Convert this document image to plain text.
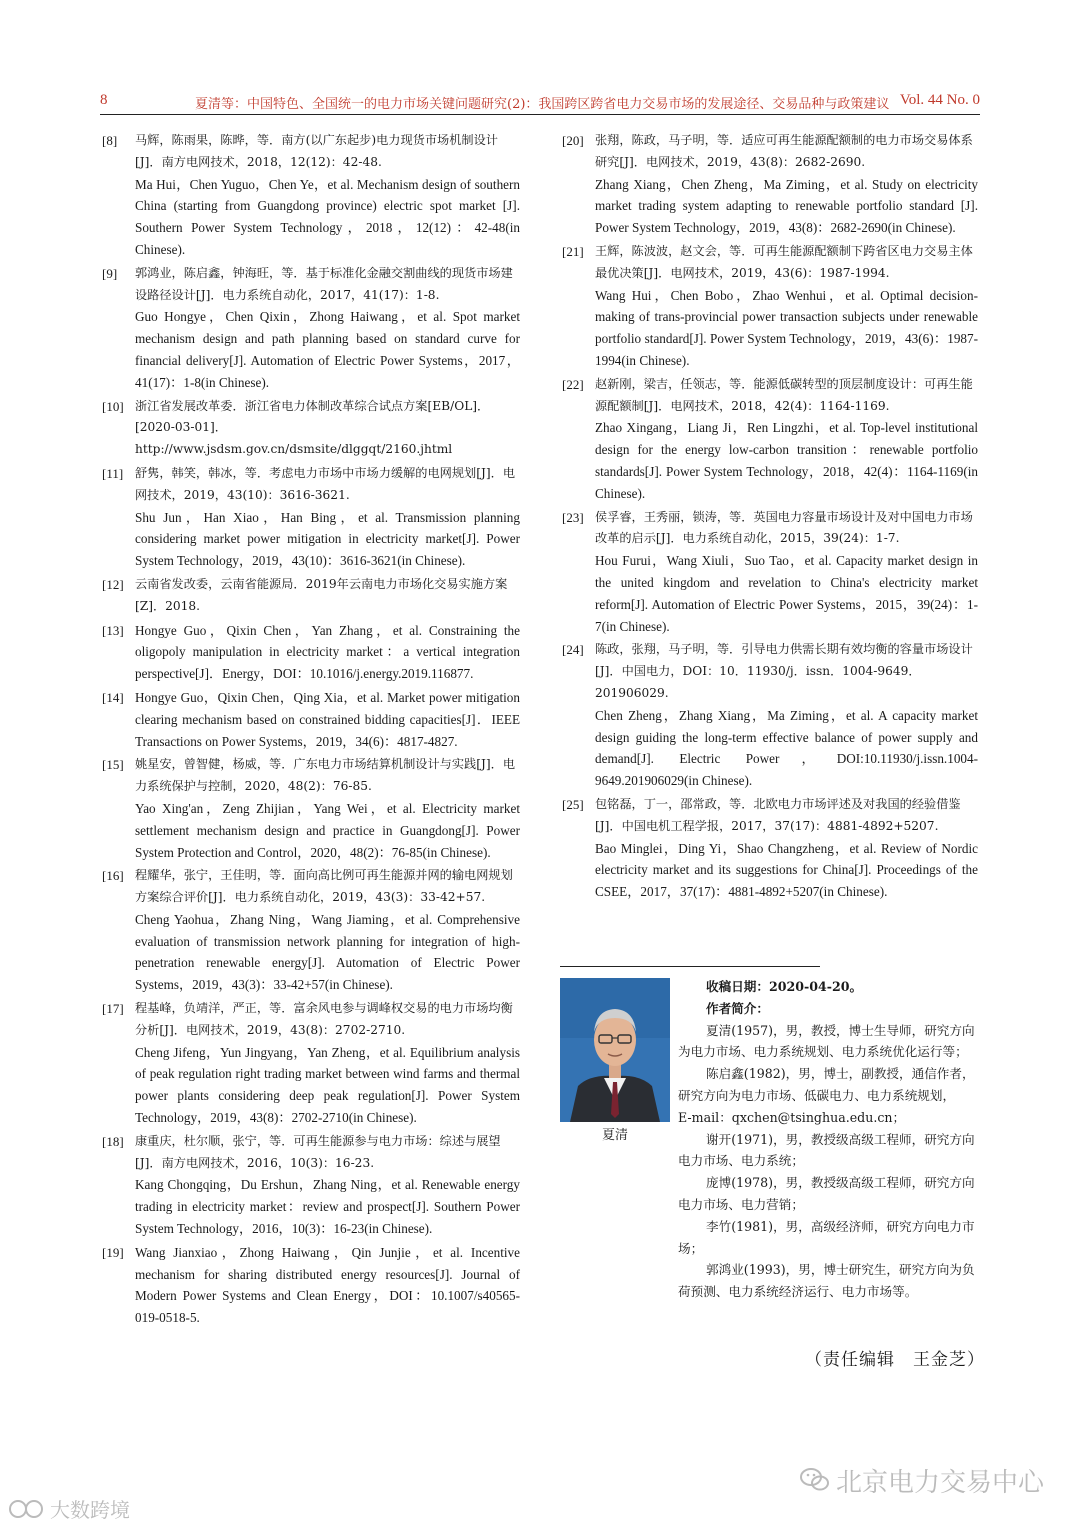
8	夏清等：中国特色、全国统一的电力市场关键问题研究(2)：我国跨区跨省电力交易市场的发展途径、交易品种与政策建议 Vol. 44 No. 0
[8] 马辉，陈雨果，陈晔，等．南方(以广东起步)电力现货市场机制设计[J]．南方电网技术，2018，12(12)：42-48.
Ma Hui，Chen Yuguo，Chen Ye，et al. Mechanism design of southern China (starting from Guangdong province) electric spot market [J]. Southern Power System Technology，2018，12(12)：42-48(in Chinese).
[9] 郭鸿业，陈启鑫，钟海旺，等．基于标准化金融交割曲线的现货市场建设路径设计[J]．电力系统自动化，2017，41(17)：1-8.
Guo Hongye，Chen Qixin，Zhong Haiwang，et al. Spot market mechanism design and path planning based on standard curve for financial delivery[J]. Automation of Electric Power Systems，2017，41(17)：1-8(in Chinese).
[10] 浙江省发展改革委．浙江省电力体制改革综合试点方案[EB/OL]．[2020-03-01]．http://www.jsdsm.gov.cn/dsmsite/dlggqt/2160.jhtml
[11] 舒隽，韩笑，韩冰，等．考虑电力市场中市场力缓解的电网规划[J]．电网技术，2019，43(10)：3616-3621.
Shu Jun，Han Xiao，Han Bing，et al. Transmission planning considering market power mitigation in electricity market[J]. Power System Technology，2019，43(10)：3616-3621(in Chinese).
[12] 云南省发改委，云南省能源局．2019年云南电力市场化交易实施方案[Z]．2018.
[13] Hongye Guo，Qixin Chen，Yan Zhang，et al. Constraining the oligopoly manipulation in electricity market：a vertical integration perspective[J]．Energy，DOI：10.1016/j.energy.2019.116877.
[14] Hongye Guo，Qixin Chen，Qing Xia，et al. Market power mitigation clearing mechanism based on constrained bidding capacities[J]．IEEE Transactions on Power Systems，2019，34(6)：4817-4827.
[15] 姚星安，曾智健，杨威，等．广东电力市场结算机制设计与实践[J]．电力系统保护与控制，2020，48(2)：76-85.
Yao Xing'an，Zeng Zhijian，Yang Wei，et al. Electricity market settlement mechanism design and practice in Guangdong[J]. Power System Protection and Control，2020，48(2)：76-85(in Chinese).
[16] 程耀华，张宁，王佳明，等．面向高比例可再生能源并网的输电网规划方案综合评价[J]．电力系统自动化，2019，43(3)：33-42+57.
Cheng Yaohua，Zhang Ning，Wang Jiaming，et al. Comprehensive evaluation of transmission network planning for integration of high-penetration renewable energy[J]. Automation of Electric Power Systems，2019，43(3)：33-42+57(in Chinese).
[17] 程基峰，负靖洋，严正，等．富余风电参与调峰权交易的电力市场均衡分析[J]．电网技术，2019，43(8)：2702-2710.
Cheng Jifeng，Yun Jingyang，Yan Zheng，et al. Equilibrium analysis of peak regulation right trading market between wind farms and thermal power plants considering deep peak regulation[J]. Power System Technology，2019，43(8)：2702-2710(in Chinese).
[18] 康重庆，杜尔顺，张宁，等．可再生能源参与电力市场：综述与展望[J]．南方电网技术，2016，10(3)：16-23.
Kang Chongqing，Du Ershun，Zhang Ning，et al. Renewable energy trading in electricity market：review and prospect[J]. Southern Power System Technology，2016，10(3)：16-23(in Chinese).
[19] Wang Jianxiao，Zhong Haiwang，Qin Junjie，et al. Incentive mechanism for sharing distributed energy resources[J]. Journal of Modern Power Systems and Clean Energy，DOI：10.1007/s40565-019-0518-5.
[20] 张翔，陈政，马子明，等．适应可再生能源配额制的电力市场交易体系研究[J]．电网技术，2019，43(8)：2682-2690.
Zhang Xiang，Chen Zheng，Ma Ziming，et al. Study on electricity market trading system adapting to renewable portfolio standard [J]. Power System Technology，2019，43(8)：2682-2690(in Chinese).
[21] 王辉，陈波波，赵文会，等．可再生能源配额制下跨省区电力交易主体最优决策[J]．电网技术，2019，43(6)：1987-1994.
Wang Hui，Chen Bobo，Zhao Wenhui，et al. Optimal decision-making of trans-provincial power transaction subjects under renewable portfolio standard[J]. Power System Technology，2019，43(6)：1987- 1994(in Chinese).
[22] 赵新刚，梁吉，任领志，等．能源低碳转型的顶层制度设计：可再生能源配额制[J]．电网技术，2018，42(4)：1164-1169.
Zhao Xingang，Liang Ji，Ren Lingzhi，et al. Top-level institutional design for the energy low-carbon transition：renewable portfolio standards[J]. Power System Technology，2018，42(4)：1164-1169(in Chinese).
[23] 侯孚睿，王秀丽，锁涛，等．英国电力容量市场设计及对中国电力市场改革的启示[J]．电力系统自动化，2015，39(24)：1-7.
Hou Furui，Wang Xiuli，Suo Tao，et al. Capacity market design in the united kingdom and revelation to China's electricity market reform[J]. Automation of Electric Power Systems，2015，39(24)：1-7(in Chinese).
[24] 陈政，张翔，马子明，等．引导电力供需长期有效均衡的容量市场设计[J]．中国电力，DOI：10．11930/j．issn．1004-9649．201906029.
Chen Zheng，Zhang Xiang，Ma Ziming，et al. A capacity market design guiding the long-term effective balance of power supply and demand[J]. Electric Power，DOI:10.11930/j.issn.1004-9649.201906029(in Chinese).
[25] 包铭磊，丁一，邵常政，等．北欧电力市场评述及对我国的经验借鉴[J]．中国电机工程学报，2017，37(17)：4881-4892+5207.
Bao Minglei，Ding Yi，Shao Changzheng，et al. Review of Nordic electricity market and its suggestions for China[J]. Proceedings of the CSEE，2017，37(17)：4881-4892+5207(in Chinese).
夏清
收稿日期：2020-04-20。
作者简介：
夏清(1957)，男，教授，博士生导师，研究方向为电力市场、电力系统规划、电力系统优化运行等；
陈启鑫(1982)，男，博士，副教授，通信作者，研究方向为电力市场、低碳电力、电力系统规划，
E-mail：qxchen@tsinghua.edu.cn；
谢开(1971)，男，教授级高级工程师，研究方向电力市场、电力系统；
庞博(1978)，男，教授级高级工程师，研究方向电力市场、电力营销；
李竹(1981)，男，高级经济师，研究方向电力市场；
郭鸿业(1993)，男，博士研究生，研究方向为负荷预测、电力系统经济运行、电力市场等。
（责任编辑　王金芝）
北京电力交易中心
大数跨境
